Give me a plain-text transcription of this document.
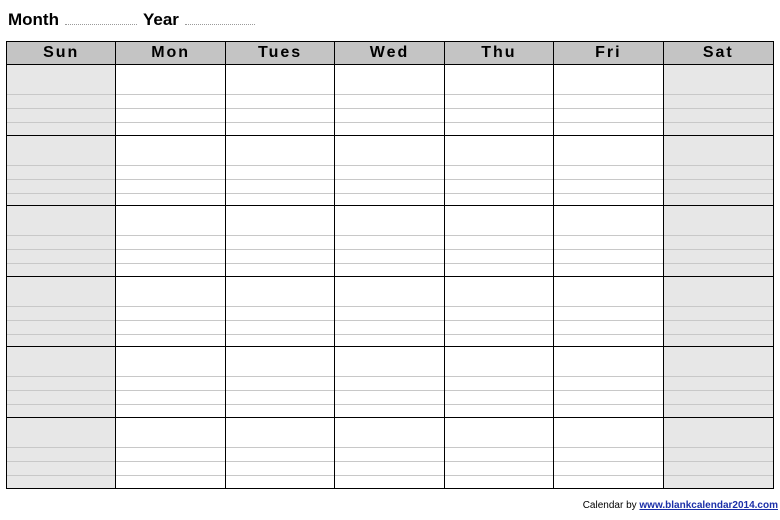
Month	Year
Sun	Mon	Tues	Wed	Thu	Fri	Sat
Calendar by www.blankcalendar2014.com
